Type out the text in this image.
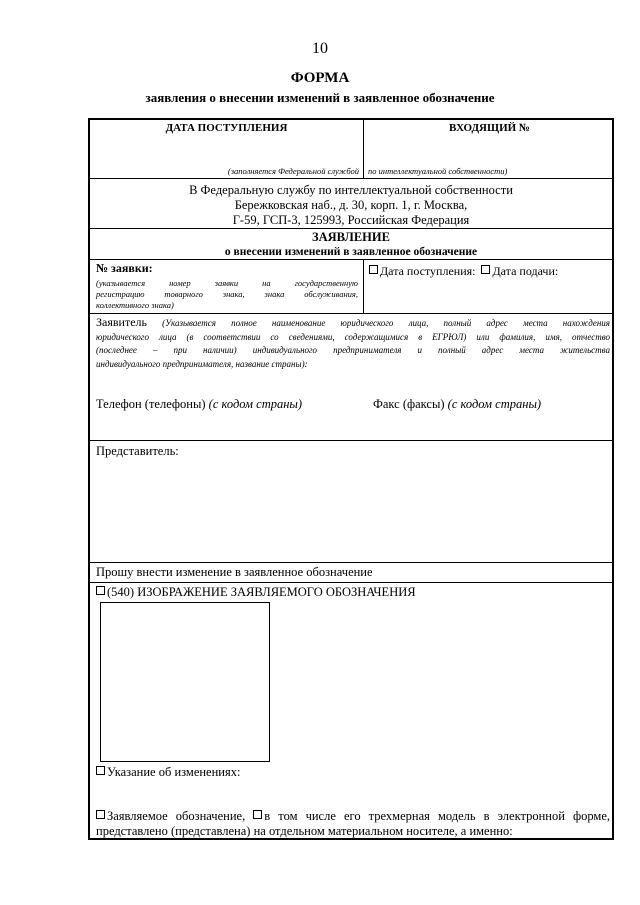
10
ФОРМА
заявления о внесении изменений в заявленное обозначение
ДАТА ПОСТУПЛЕНИЯ	ВХОДЯЩИЙ №
(заполняется Федеральной службой по интеллектуальной собственности)
В Федеральную службу по интеллектуальной собственности
Бережковская наб., д. 30, корп. 1, г. Москва,
Г-59, ГСП-3, 125993, Российская Федерация
ЗАЯВЛЕНИЕ
о внесении изменений в заявленное обозначение
№ заявки:
(указывается номер заявки на государственную
регистрацию товарного знака, знака обслуживания,
коллективного знака)
Дата поступления: Дата подачи:
Заявитель (Указывается полное наименование юридического лица, полный адрес места нахождения
юридического лица (в соответствии со сведениями, содержащимися в ЕГРЮЛ) или фамилия, имя, отчество
(последнее – при наличии) индивидуального предпринимателя и полный адрес места жительства
индивидуального предпринимателя, название страны):
Телефон (телефоны) (с кодом страны)	Факс (факсы) (с кодом страны)
Представитель:
Прошу внести изменение в заявленное обозначение
(540) ИЗОБРАЖЕНИЕ ЗАЯВЛЯЕМОГО ОБОЗНАЧЕНИЯ
Указание об изменениях:
Заявляемое обозначение, в том числе его трехмерная модель в электронной форме,
представлено (представлена) на отдельном материальном носителе, а именно:
